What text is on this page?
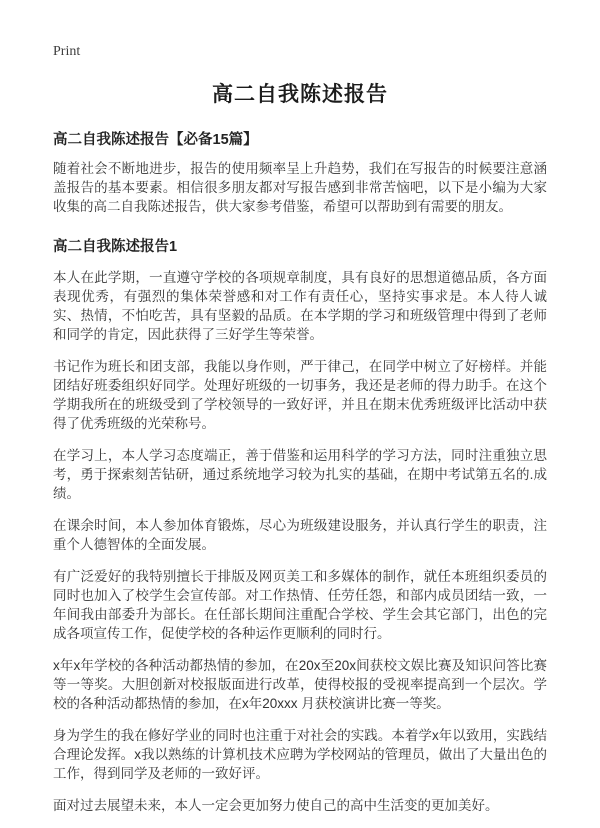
Print
高二自我陈述报告
高二自我陈述报告【必备15篇】

随着社会不断地进步，报告的使用频率呈上升趋势，我们在写报告的时候要注意涵盖报告的基本要素。相信很多朋友都对写报告感到非常苦恼吧，以下是小编为大家收集的高二自我陈述报告，供大家参考借鉴，希望可以帮助到有需要的朋友。

高二自我陈述报告1

本人在此学期，一直遵守学校的各项规章制度，具有良好的思想道德品质，各方面表现优秀，有强烈的集体荣誉感和对工作有责任心，坚持实事求是。本人待人诚实、热情，不怕吃苦，具有坚毅的品质。在本学期的学习和班级管理中得到了老师和同学的肯定，因此获得了三好学生等荣誉。

书记作为班长和团支部，我能以身作则，严于律己，在同学中树立了好榜样。并能团结好班委组织好同学。处理好班级的一切事务，我还是老师的得力助手。在这个学期我所在的班级受到了学校领导的一致好评，并且在期末优秀班级评比活动中获得了优秀班级的光荣称号。

在学习上，本人学习态度端正，善于借鉴和运用科学的学习方法，同时注重独立思考，勇于探索刻苦钻研，通过系统地学习较为扎实的基础，在期中考试第五名的.成绩。

在课余时间，本人参加体育锻炼，尽心为班级建设服务，并认真行学生的职责，注重个人德智体的全面发展。

有广泛爱好的我特别擅长于排版及网页美工和多媒体的制作，就任本班组织委员的同时也加入了校学生会宣传部。对工作热情、任劳任怨，和部内成员团结一致，一年间我由部委升为部长。在任部长期间注重配合学校、学生会其它部门，出色的完成各项宣传工作，促使学校的各种运作更顺利的同时行。

x年x年学校的各种活动都热情的参加，在20x至20x间获校文娱比赛及知识问答比赛等一等奖。大胆创新对校报版面进行改革，使得校报的受视率提高到一个层次。学校的各种活动都热情的参加，在x年20xxx 月获校演讲比赛一等奖。

身为学生的我在修好学业的同时也注重于对社会的实践。本着学x年以致用，实践结合理论发挥。x我以熟练的计算机技术应聘为学校网站的管理员，做出了大量出色的工作，得到同学及老师的一致好评。

面对过去展望未来，本人一定会更加努力使自己的高中生活变的更加美好。
